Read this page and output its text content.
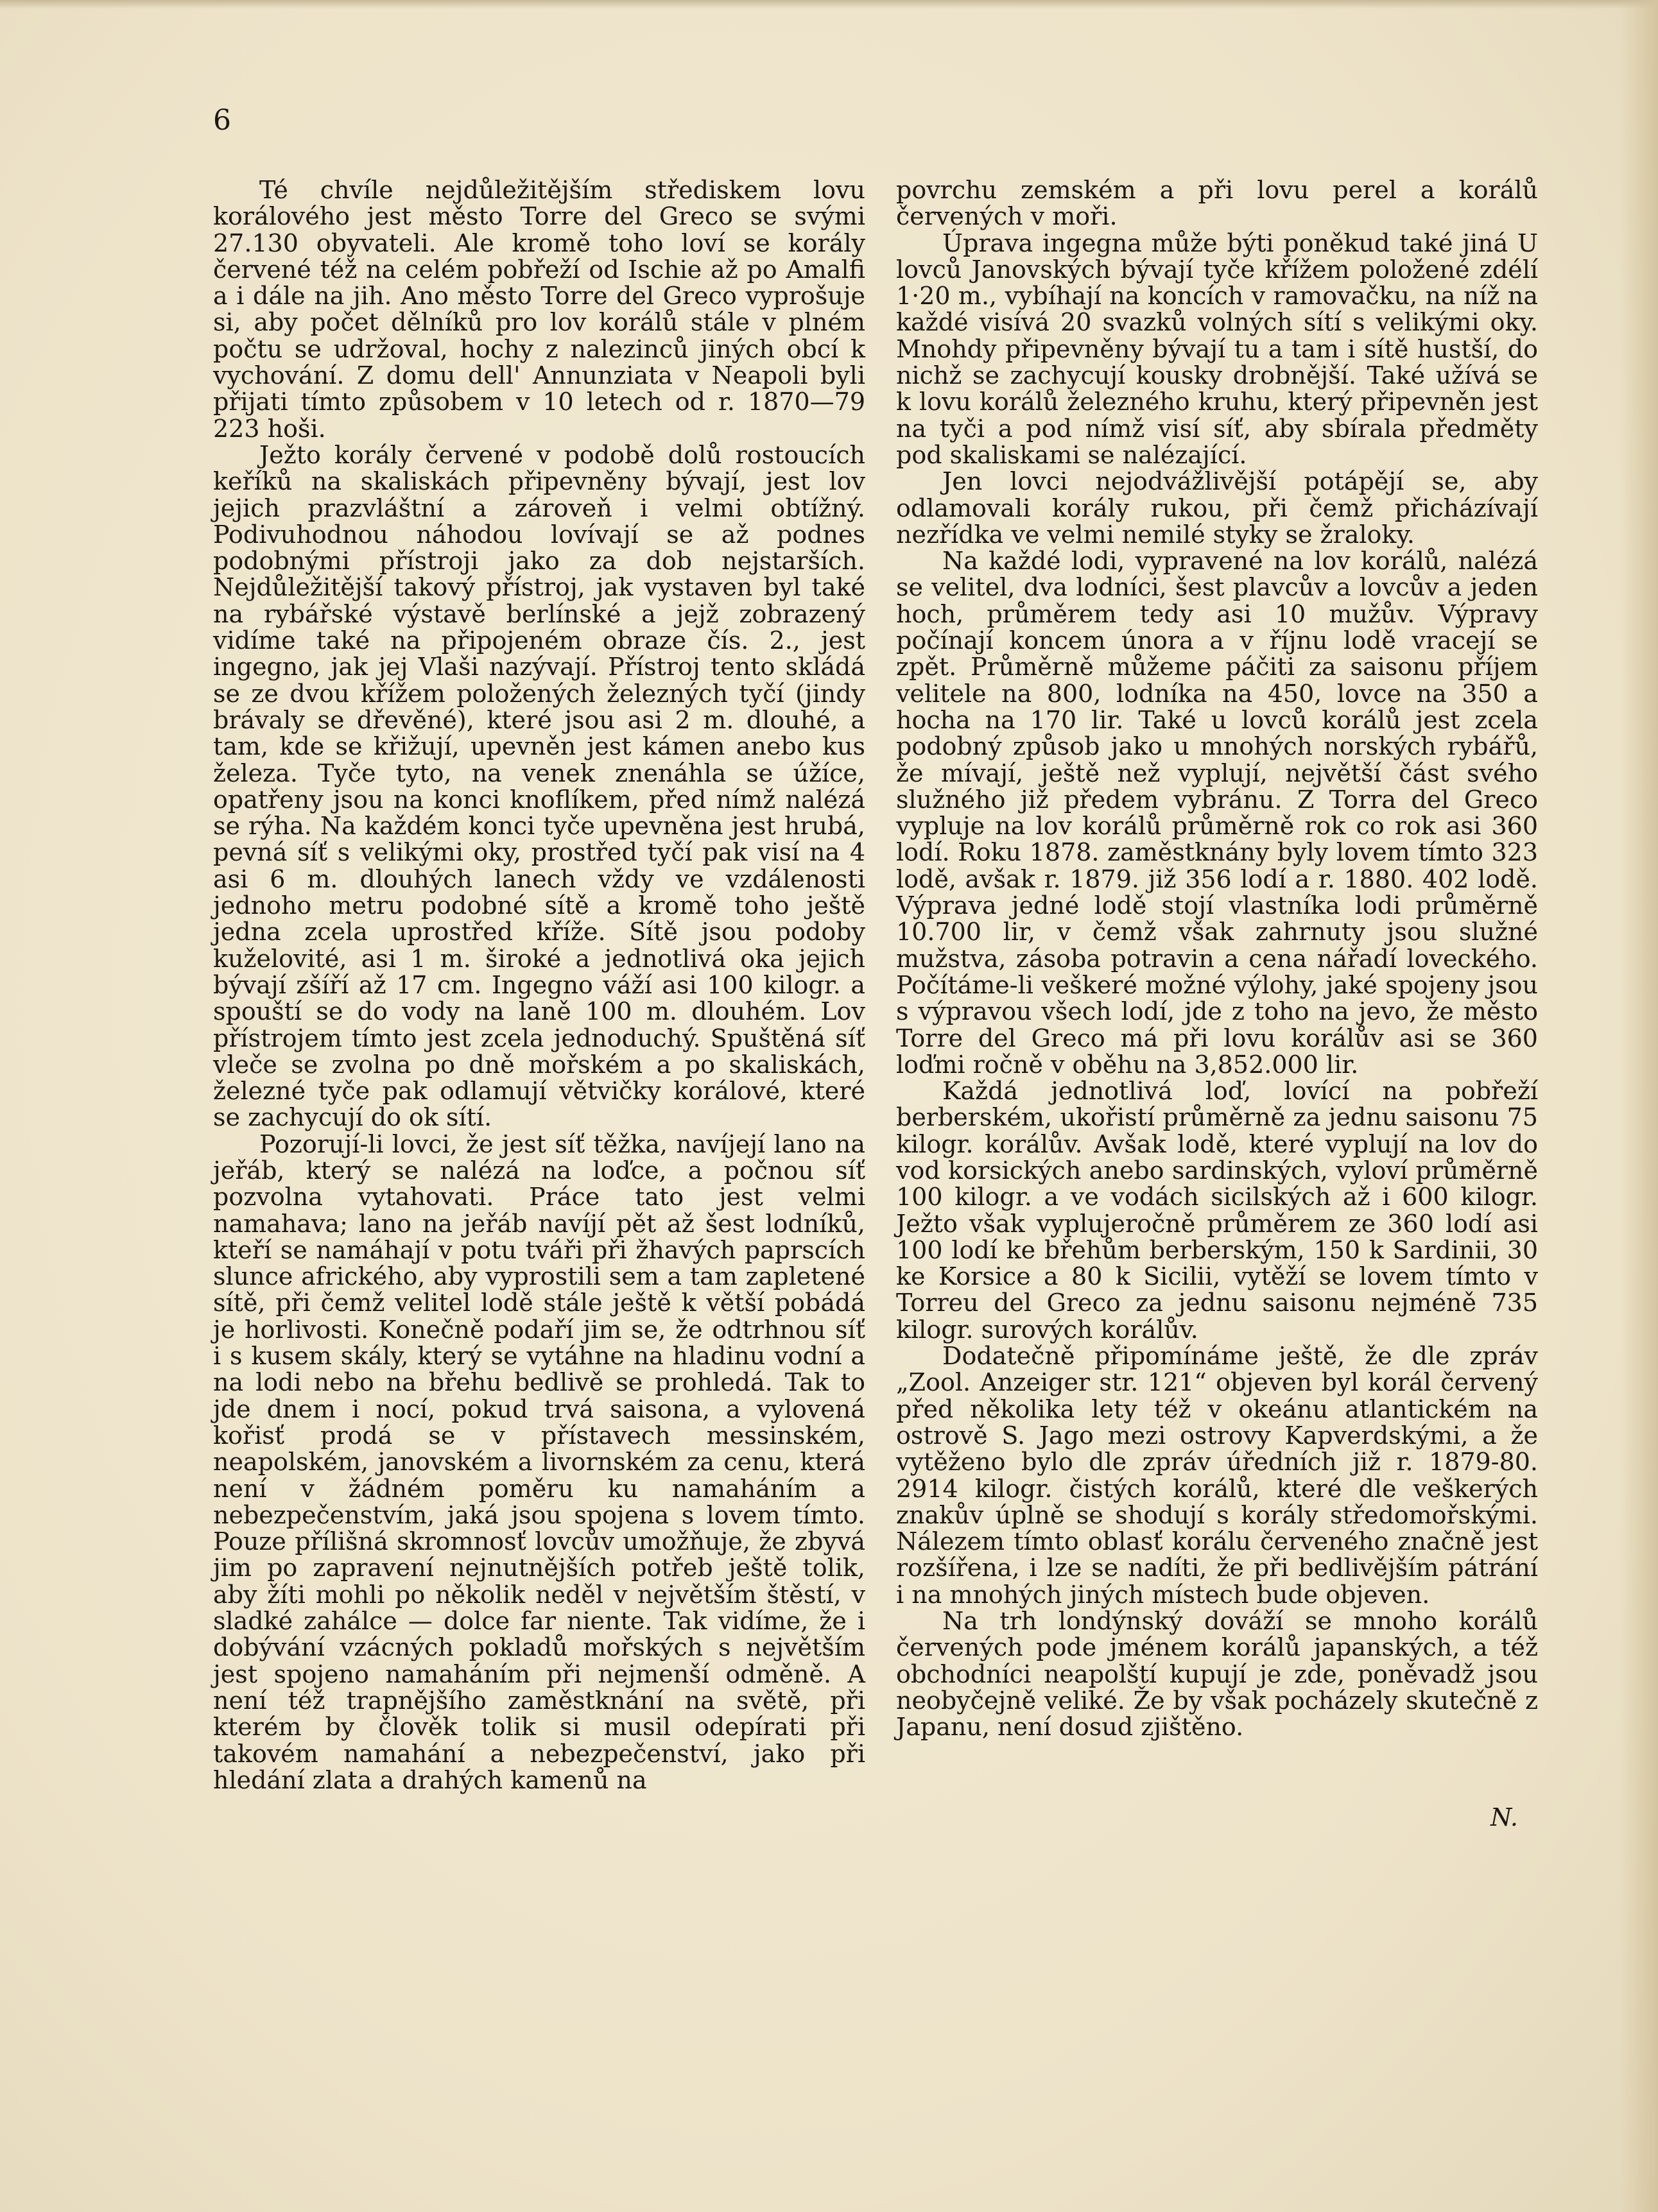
6

Té chvíle nejdůležitějším střediskem lovu korálového jest město Torre del Greco se svými 27.130 obyvateli. Ale kromě toho loví se korály červené též na celém pobřeží od Ischie až po Amalfi a i dále na jih. Ano město Torre del Greco vyprošuje si, aby počet dělníků pro lov korálů stále v plném počtu se udržoval, hochy z nalezinců jiných obcí k vychování. Z domu dell' Annunziata v Neapoli byli přijati tímto způsobem v 10 letech od r. 1870—79 223 hoši.

Ježto korály červené v podobě dolů rostoucích keříků na skaliskách připevněny bývají, jest lov jejich prazvláštní a zároveň i velmi obtížný. Podivuhodnou náhodou lovívají se až podnes podobnými přístroji jako za dob nejstarších. Nejdůležitější takový přístroj, jak vystaven byl také na rybářské výstavě berlínské a jejž zobrazený vidíme také na připojeném obraze čís. 2., jest ingegno, jak jej Vlaši nazývají. Přístroj tento skládá se ze dvou křížem položených železných tyčí (jindy brávaly se dřevěné), které jsou asi 2 m. dlouhé, a tam, kde se křižují, upevněn jest kámen anebo kus železa. Tyče tyto, na venek znenáhla se úžíce, opatřeny jsou na konci knoflíkem, před nímž nalézá se rýha. Na každém konci tyče upevněna jest hrubá, pevná síť s velikými oky, prostřed tyčí pak visí na 4 asi 6 m. dlouhých lanech vždy ve vzdálenosti jednoho metru podobné sítě a kromě toho ještě jedna zcela uprostřed kříže. Sítě jsou podoby kuželovité, asi 1 m. široké a jednotlivá oka jejich bývají zšíří až 17 cm. Ingegno váží asi 100 kilogr. a spouští se do vody na laně 100 m. dlouhém. Lov přístrojem tímto jest zcela jednoduchý. Spuštěná síť vleče se zvolna po dně mořském a po skaliskách, železné tyče pak odlamují větvičky korálové, které se zachycují do ok sítí.

Pozorují-li lovci, že jest síť těžka, navíjejí lano na jeřáb, který se nalézá na loďce, a počnou síť pozvolna vytahovati. Práce tato jest velmi namahava; lano na jeřáb navíjí pět až šest lodníků, kteří se namáhají v potu tváři při žhavých paprscích slunce afrického, aby vyprostili sem a tam zapletené sítě, při čemž velitel lodě stále ještě k větší pobádá je horlivosti. Konečně podaří jim se, že odtrhnou síť i s kusem skály, který se vytáhne na hladinu vodní a na lodi nebo na břehu bedlivě se prohledá. Tak to jde dnem i nocí, pokud trvá saisona, a vylovená kořisť prodá se v přístavech messinském, neapolském, janovském a livornském za cenu, která není v žádném poměru ku namaháním a nebezpečenstvím, jaká jsou spojena s lovem tímto. Pouze přílišná skromnosť lovcův umožňuje, že zbyvá jim po zapravení nejnutnějších potřeb ještě tolik, aby žíti mohli po několik neděl v největším štěstí, v sladké zahálce — dolce far niente. Tak vidíme, že i dobývání vzácných pokladů mořských s největším jest spojeno namaháním při nejmenší odměně. A není též trapnějšího zaměstknání na světě, při kterém by člověk tolik si musil odepírati při takovém namahání a nebezpečenství, jako při hledání zlata a drahých kamenů na

povrchu zemském a při lovu perel a korálů červených v moři.

Úprava ingegna může býti poněkud také jiná U lovců Janovských bývají tyče křížem položené zdélí 1·20 m., vybíhají na koncích v ramovačku, na níž na každé visívá 20 svazků volných sítí s velikými oky. Mnohdy připevněny bývají tu a tam i sítě hustší, do nichž se zachycují kousky drobnější. Také užívá se k lovu korálů železného kruhu, který připevněn jest na tyči a pod nímž visí síť, aby sbírala předměty pod skaliskami se nalézající.

Jen lovci nejodvážlivější potápějí se, aby odlamovali korály rukou, při čemž přicházívají nezřídka ve velmi nemilé styky se žraloky.

Na každé lodi, vypravené na lov korálů, nalézá se velitel, dva lodníci, šest plavcův a lovcův a jeden hoch, průměrem tedy asi 10 mužův. Výpravy počínají koncem února a v říjnu lodě vracejí se zpět. Průměrně můžeme páčiti za saisonu příjem velitele na 800, lodníka na 450, lovce na 350 a hocha na 170 lir. Také u lovců korálů jest zcela podobný způsob jako u mnohých norských rybářů, že mívají, ještě než vyplují, největší část svého služného již předem vybránu. Z Torra del Greco vypluje na lov korálů průměrně rok co rok asi 360 lodí. Roku 1878. zaměstknány byly lovem tímto 323 lodě, avšak r. 1879. již 356 lodí a r. 1880. 402 lodě. Výprava jedné lodě stojí vlastníka lodi průměrně 10.700 lir, v čemž však zahrnuty jsou služné mužstva, zásoba potravin a cena nářadí loveckého. Počítáme-li veškeré možné výlohy, jaké spojeny jsou s výpravou všech lodí, jde z toho na jevo, že město Torre del Greco má při lovu korálův asi se 360 loďmi ročně v oběhu na 3,852.000 lir.

Každá jednotlivá loď, lovící na pobřeží berberském, ukořistí průměrně za jednu saisonu 75 kilogr. korálův. Avšak lodě, které vyplují na lov do vod korsických anebo sardinských, vyloví průměrně 100 kilogr. a ve vodách sicilských až i 600 kilogr. Ježto však vyplujeročně průměrem ze 360 lodí asi 100 lodí ke břehům berberským, 150 k Sardinii, 30 ke Korsice a 80 k Sicilii, vytěží se lovem tímto v Torreu del Greco za jednu saisonu nejméně 735 kilogr. surových korálův.

Dodatečně připomínáme ještě, že dle zpráv „Zool. Anzeiger str. 121“ objeven byl korál červený před několika lety též v okeánu atlantickém na ostrově S. Jago mezi ostrovy Kapverdskými, a že vytěženo bylo dle zpráv úředních již r. 1879-80. 2914 kilogr. čistých korálů, které dle veškerých znakův úplně se shodují s korály středomořskými. Nálezem tímto oblasť korálu červeného značně jest rozšířena, i lze se nadíti, že při bedlivějším pátrání i na mnohých jiných místech bude objeven.

Na trh londýnský dováží se mnoho korálů červených pode jménem korálů japanských, a též obchodníci neapolští kupují je zde, poněvadž jsou neobyčejně veliké. Že by však pocházely skutečně z Japanu, není dosud zjištěno.

N.
